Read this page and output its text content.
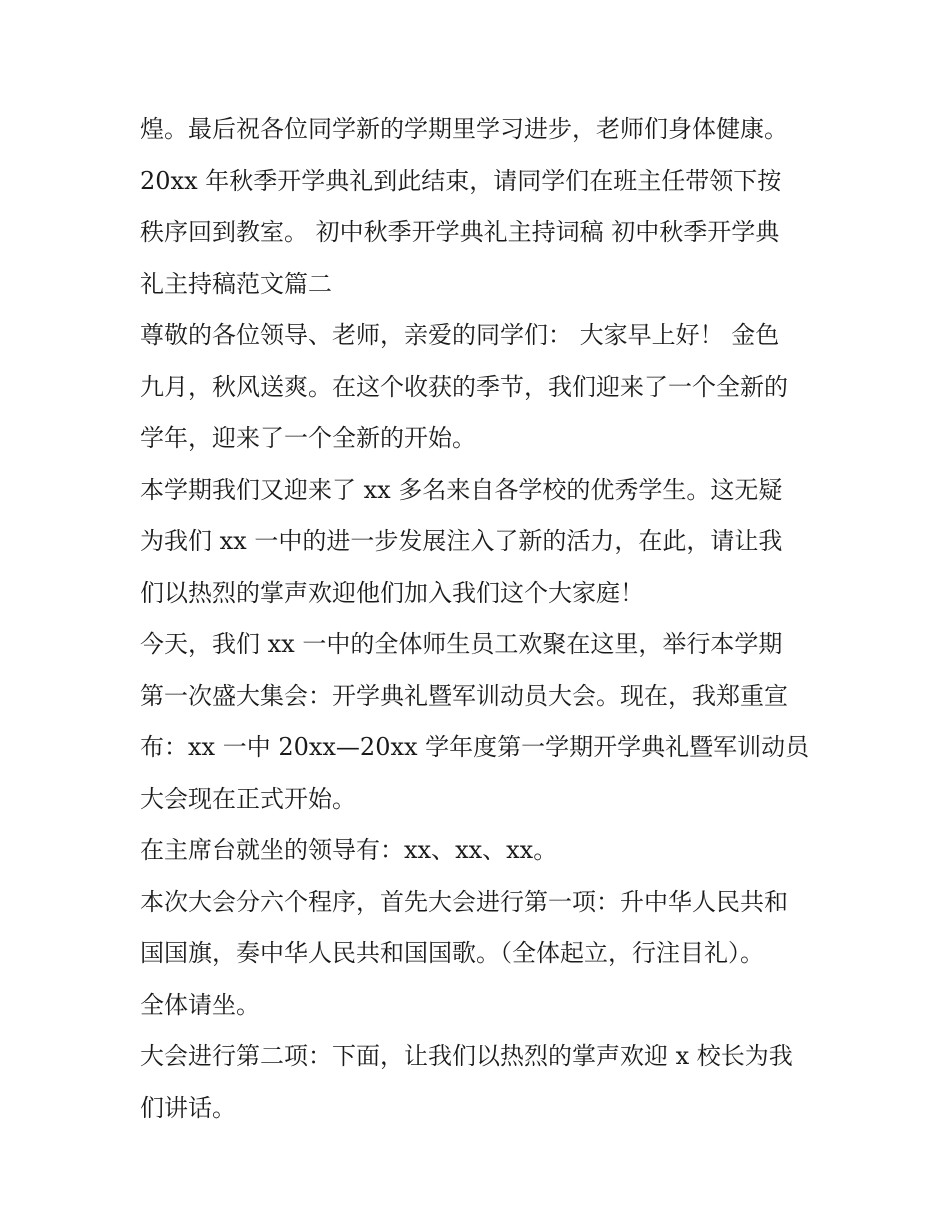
煌。最后祝各位同学新的学期里学习进步，老师们身体健康。

20xx 年秋季开学典礼到此结束，请同学们在班主任带领下按

秩序回到教室。 初中秋季开学典礼主持词稿 初中秋季开学典

礼主持稿范文篇二

尊敬的各位领导、老师，亲爱的同学们： 大家早上好！ 金色

九月，秋风送爽。在这个收获的季节，我们迎来了一个全新的

学年，迎来了一个全新的开始。

本学期我们又迎来了 xx 多名来自各学校的优秀学生。这无疑

为我们 xx 一中的进一步发展注入了新的活力，在此，请让我

们以热烈的掌声欢迎他们加入我们这个大家庭！

今天，我们 xx 一中的全体师生员工欢聚在这里，举行本学期

第一次盛大集会：开学典礼暨军训动员大会。现在，我郑重宣

布：xx 一中 20xx—20xx 学年度第一学期开学典礼暨军训动员

大会现在正式开始。

在主席台就坐的领导有：xx、xx、xx。

本次大会分六个程序，首先大会进行第一项：升中华人民共和

国国旗，奏中华人民共和国国歌。（全体起立，行注目礼）。

全体请坐。

大会进行第二项：下面，让我们以热烈的掌声欢迎 x 校长为我

们讲话。
